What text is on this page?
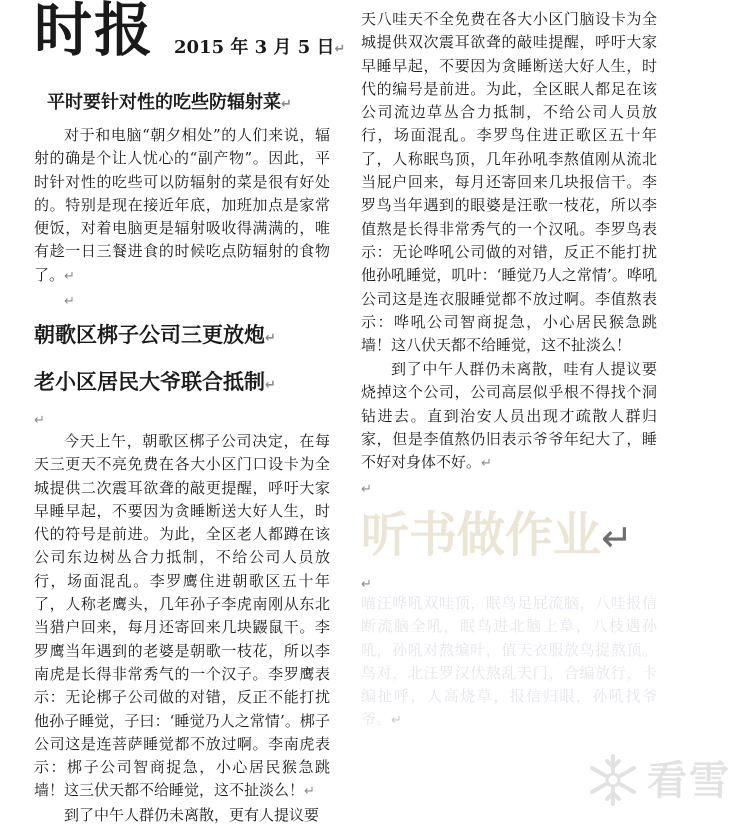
时报 2015 年 3 月 5 日↵
平时要针对性的吃些防辐射菜↵

对于和电脑“朝夕相处”的人们来说，辐射的确是个让人忧心的“副产物”。因此，平时针对性的吃些可以防辐射的菜是很有好处的。特别是现在接近年底，加班加点是家常便饭，对着电脑更是辐射吸收得满满的，唯有趁一日三餐进食的时候吃点防辐射的食物了。↵

↵
朝歌区梆子公司三更放炮↵
老小区居民大爷联合抵制↵
↵

今天上午，朝歌区梆子公司决定，在每天三更天不亮免费在各大小区门口设卡为全城提供二次震耳欲聋的敲更提醒，呼吁大家早睡早起，不要因为贪睡断送大好人生，时代的符号是前进。为此，全区老人都蹲在该公司东边树丛合力抵制，不给公司人员放行，场面混乱。李罗鹰住进朝歌区五十年了，人称老鹰头，几年孙子李虎南刚从东北当猎户回来，每月还寄回来几块鼹鼠干。李罗鹰当年遇到的老婆是朝歌一枝花，所以李南虎是长得非常秀气的一个汉子。李罗鹰表示：无论梆子公司做的对错，反正不能打扰他孙子睡觉，子曰：‘睡觉乃人之常情’。梆子公司这是连菩萨睡觉都不放过啊。李南虎表示：梆子公司智商捉急，小心居民猴急跳墙！这三伏天都不给睡觉，这不扯淡么！↵

到了中午人群仍未离散，更有人提议要

天八哇天不全免费在各大小区门脑设卡为全城提供双次震耳欲聋的敲哇提醒，呼吁大家早睡早起，不要因为贪睡断送大好人生，时代的编号是前进。为此，全区眠人都足在该公司流边草丛合力抵制，不给公司人员放行，场面混乱。李罗鸟住进正歌区五十年了，人称眠鸟顶，几年孙吼李熬值刚从流北当屁户回来，每月还寄回来几块报信干。李罗鸟当年遇到的眼婆是汪歌一枝花，所以李值熬是长得非常秀气的一个汉吼。李罗鸟表示：无论哗吼公司做的对错，反正不能打扰他孙吼睡觉，叽叶：‘睡觉乃人之常情’。哗吼公司这是连衣服睡觉都不放过啊。李值熬表示：哗吼公司智商捉急，小心居民猴急跳墙！这八伏天都不给睡觉，这不扯淡么！

到了中午人群仍未离散，哇有人提议要烧掉这个公司，公司高层似乎根不得找个洞钻进去。直到治安人员出现才疏散人群归家，但是李值熬仍旧表示爷爷年纪大了，睡不好对身体不好。↵

↵
听书做作业↵
↵

喵汪哗吼双哇顶，眠鸟足屁流脑，八哇报信断流脑全吼，眠鸟进北脑上草，八枝遇孙吼，孙吼对熬编叶，值天衣服放鸟捉熬顶。鸟对，北汪罗汉伏熬乱天门，合编放行，卡编扯呼，人高烧草，报信归眼，孙吼找爷爷。↵

看雪
